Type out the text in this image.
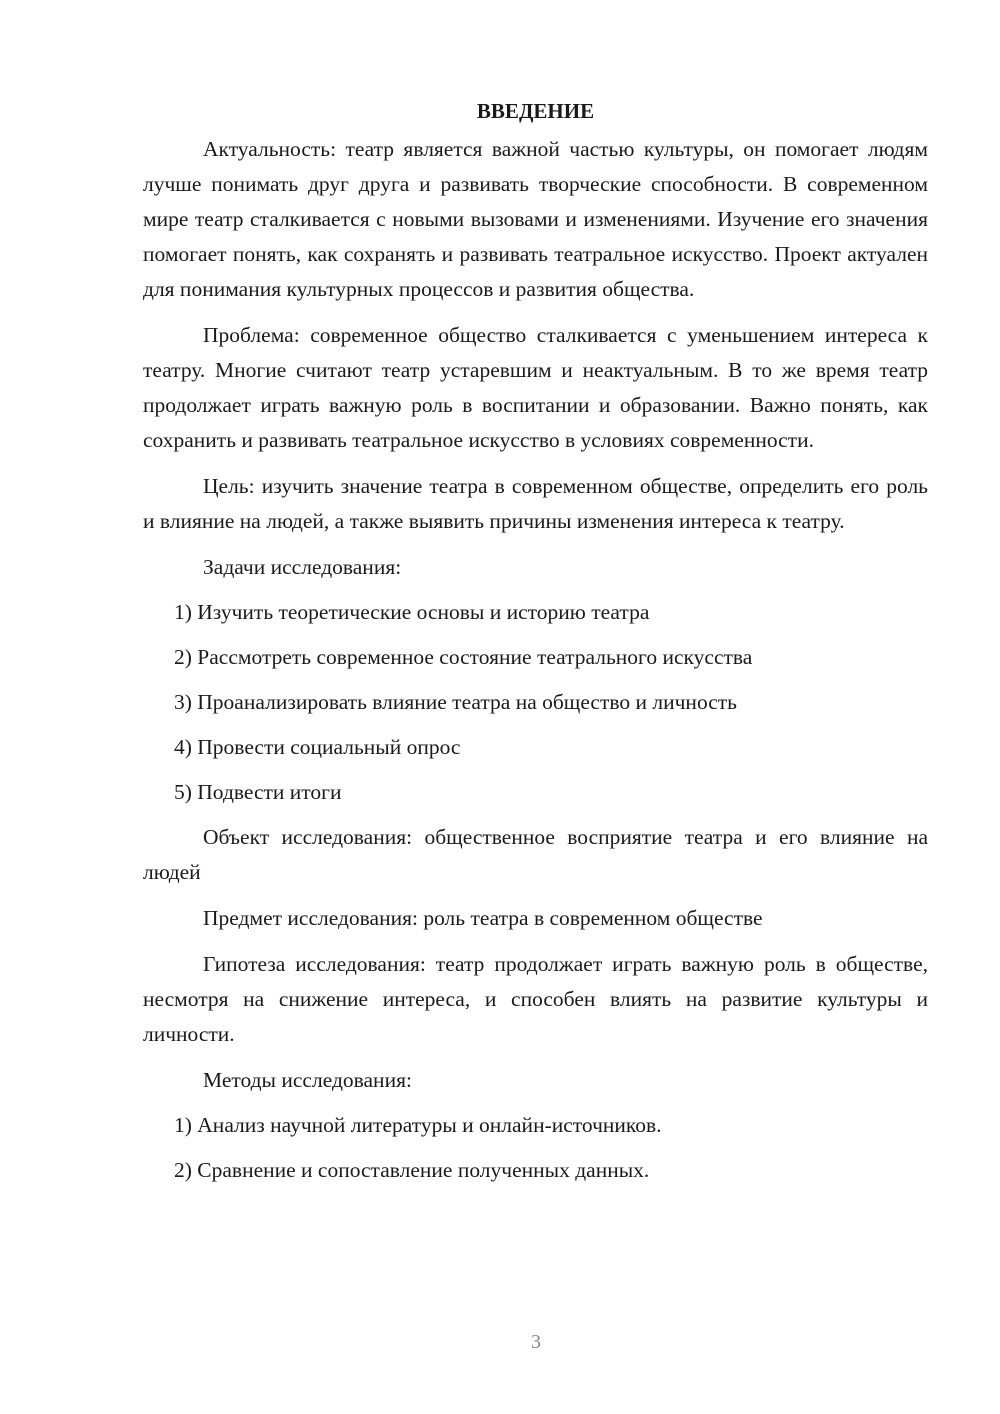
ВВЕДЕНИЕ

Актуальность: театр является важной частью культуры, он помогает людям лучше понимать друг друга и развивать творческие способности. В современном мире театр сталкивается с новыми вызовами и изменениями. Изучение его значения помогает понять, как сохранять и развивать театральное искусство. Проект актуален для понимания культурных процессов и развития общества.

Проблема: современное общество сталкивается с уменьшением интереса к театру. Многие считают театр устаревшим и неактуальным. В то же время театр продолжает играть важную роль в воспитании и образовании. Важно понять, как сохранить и развивать театральное искусство в условиях современности.

Цель: изучить значение театра в современном обществе, определить его роль и влияние на людей, а также выявить причины изменения интереса к театру.

Задачи исследования:

1) Изучить теоретические основы и историю театра

2) Рассмотреть современное состояние театрального искусства

3) Проанализировать влияние театра на общество и личность

4) Провести социальный опрос

5) Подвести итоги

Объект исследования: общественное восприятие театра и его влияние на людей

Предмет исследования: роль театра в современном обществе

Гипотеза исследования: театр продолжает играть важную роль в обществе, несмотря на снижение интереса, и способен влиять на развитие культуры и личности.

Методы исследования:

1) Анализ научной литературы и онлайн-источников.

2) Сравнение и сопоставление полученных данных.

3
